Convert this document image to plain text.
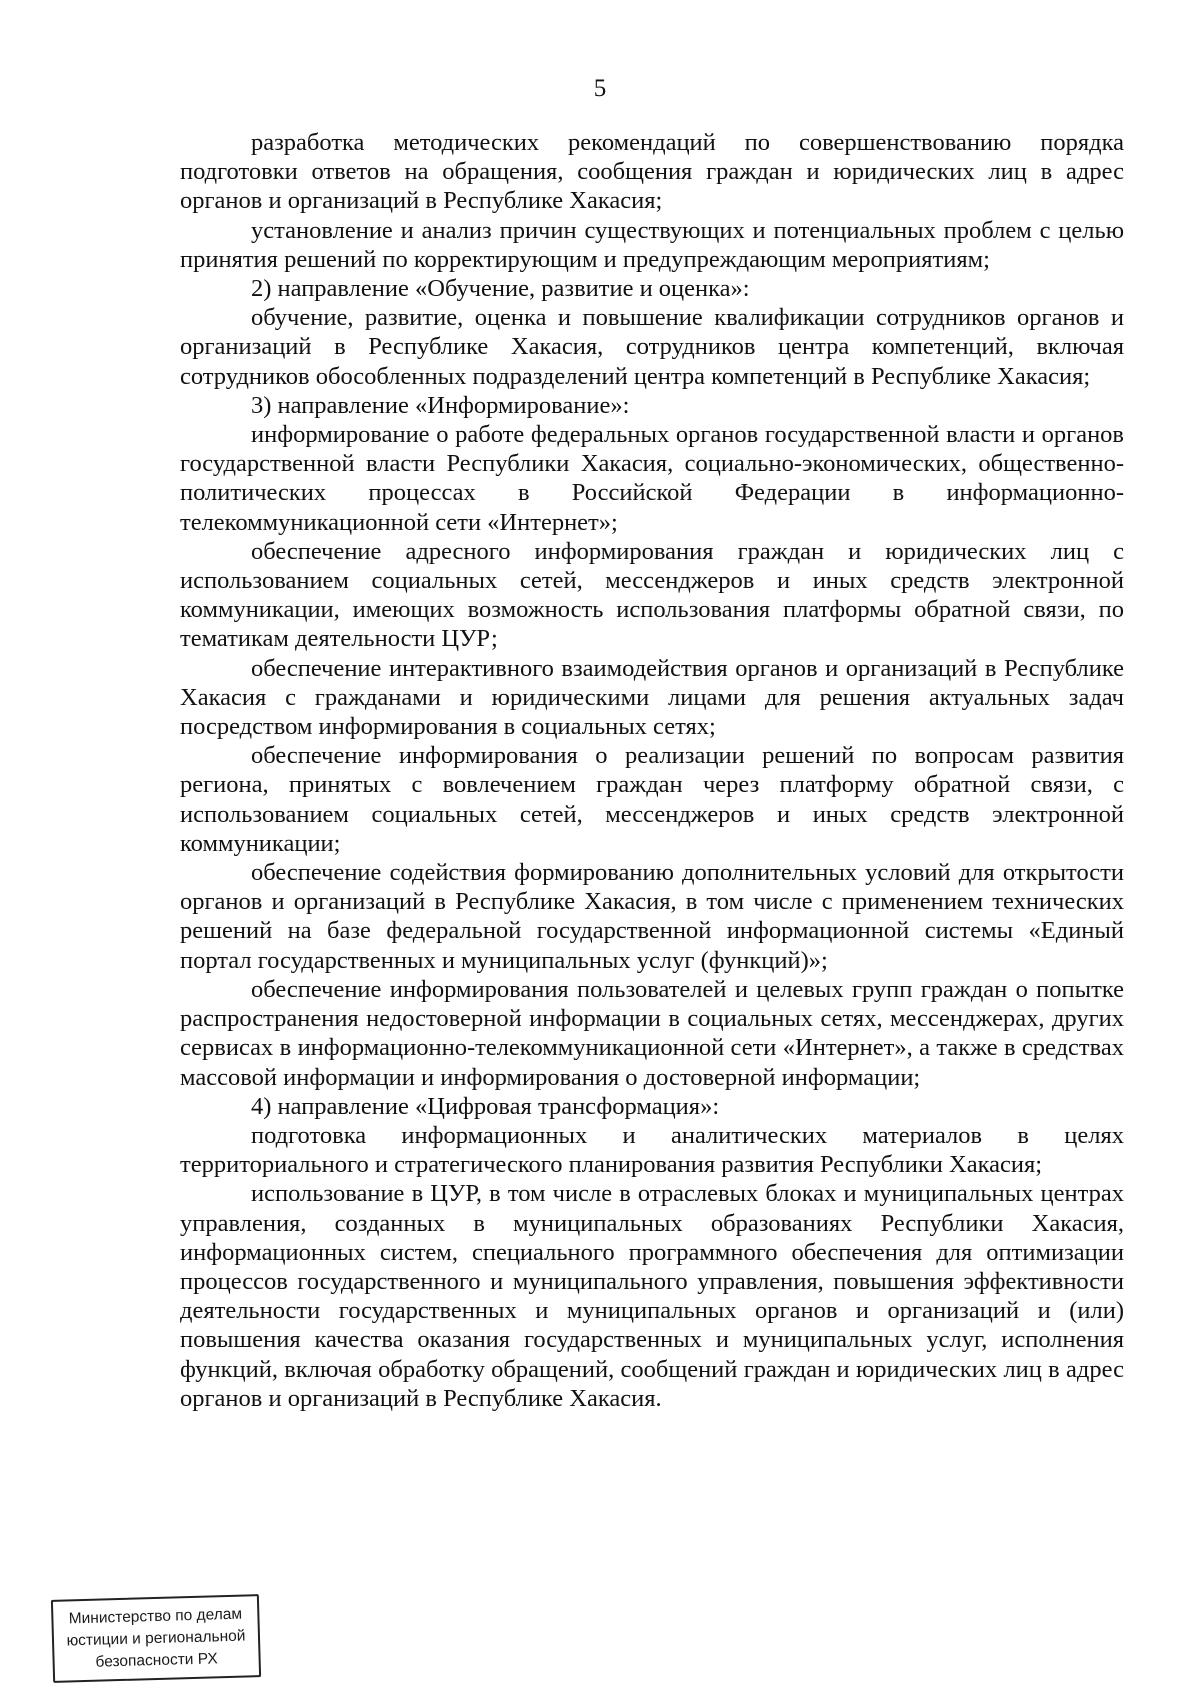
5

разработка методических рекомендаций по совершенствованию порядка подготовки ответов на обращения, сообщения граждан и юридических лиц в адрес органов и организаций в Республике Хакасия;

установление и анализ причин существующих и потенциальных проблем с целью принятия решений по корректирующим и предупреждающим мероприятиям;

2) направление «Обучение, развитие и оценка»:

обучение, развитие, оценка и повышение квалификации сотрудников органов и организаций в Республике Хакасия, сотрудников центра компетенций, включая сотрудников обособленных подразделений центра компетенций в Республике Хакасия;

3) направление «Информирование»:

информирование о работе федеральных органов государственной власти и органов государственной власти Республики Хакасия, социально-экономических, общественно-политических процессах в Российской Федерации в информационно-телекоммуникационной сети «Интернет»;

обеспечение адресного информирования граждан и юридических лиц с использованием социальных сетей, мессенджеров и иных средств электронной коммуникации, имеющих возможность использования платформы обратной связи, по тематикам деятельности ЦУР;

обеспечение интерактивного взаимодействия органов и организаций в Республике Хакасия с гражданами и юридическими лицами для решения актуальных задач посредством информирования в социальных сетях;

обеспечение информирования о реализации решений по вопросам развития региона, принятых с вовлечением граждан через платформу обратной связи, с использованием социальных сетей, мессенджеров и иных средств электронной коммуникации;

обеспечение содействия формированию дополнительных условий для открытости органов и организаций в Республике Хакасия, в том числе с применением технических решений на базе федеральной государственной информационной системы «Единый портал государственных и муниципальных услуг (функций)»;

обеспечение информирования пользователей и целевых групп граждан о попытке распространения недостоверной информации в социальных сетях, мессенджерах, других сервисах в информационно-телекоммуникационной сети «Интернет», а также в средствах массовой информации и информирования о достоверной информации;

4) направление «Цифровая трансформация»:

подготовка информационных и аналитических материалов в целях территориального и стратегического планирования развития Республики Хакасия;

использование в ЦУР, в том числе в отраслевых блоках и муниципальных центрах управления, созданных в муниципальных образованиях Республики Хакасия, информационных систем, специального программного обеспечения для оптимизации процессов государственного и муниципального управления, повышения эффективности деятельности государственных и муниципальных органов и организаций и (или) повышения качества оказания государственных и муниципальных услуг, исполнения функций, включая обработку обращений, сообщений граждан и юридических лиц в адрес органов и организаций в Республике Хакасия.

Министерство по делам
юстиции и региональной
безопасности РХ
